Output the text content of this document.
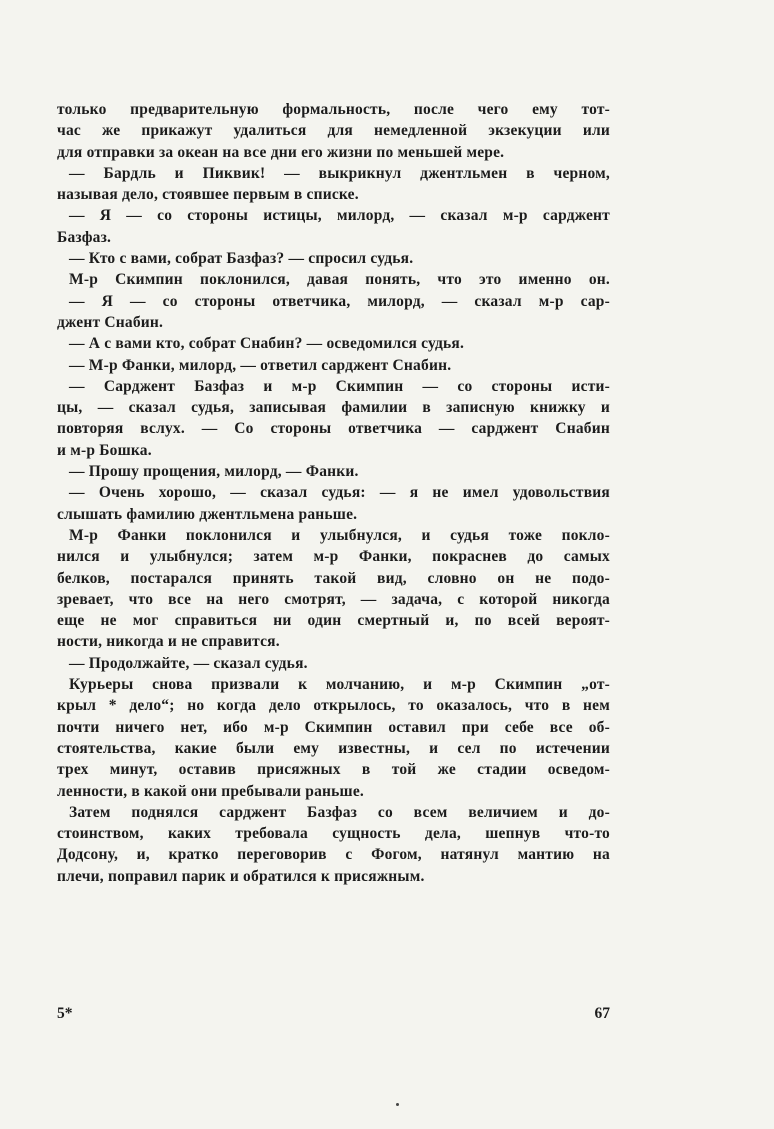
только предварительную формальность, после чего ему тот-
час же прикажут удалиться для немедленной экзекуции или
для отправки за океан на все дни его жизни по меньшей мере.
— Бардль и Пиквик! — выкрикнул джентльмен в черном,
называя дело, стоявшее первым в списке.
— Я — со стороны истицы, милорд, — сказал м-р сарджент
Базфаз.
— Кто с вами, собрат Базфаз? — спросил судья.
М-р Скимпин поклонился, давая понять, что это именно он.
— Я — со стороны ответчика, милорд, — сказал м-р сар-
джент Снабин.
— А с вами кто, собрат Снабин? — осведомился судья.
— М-р Фанки, милорд, — ответил сарджент Снабин.
— Сарджент Базфаз и м-р Скимпин — со стороны исти-
цы, — сказал судья, записывая фамилии в записную книжку и
повторяя вслух. — Со стороны ответчика — сарджент Снабин
и м-р Бошка.
— Прошу прощения, милорд, — Фанки.
— Очень хорошо, — сказал судья: — я не имел удовольствия
слышать фамилию джентльмена раньше.
М-р Фанки поклонился и улыбнулся, и судья тоже покло-
нился и улыбнулся; затем м-р Фанки, покраснев до самых
белков, постарался принять такой вид, словно он не подо-
зревает, что все на него смотрят, — задача, с которой никогда
еще не мог справиться ни один смертный и, по всей вероят-
ности, никогда и не справится.
— Продолжайте, — сказал судья.
Курьеры снова призвали к молчанию, и м-р Скимпин „от-
крыл * дело“; но когда дело открылось, то оказалось, что в нем
почти ничего нет, ибо м-р Скимпин оставил при себе все об-
стоятельства, какие были ему известны, и сел по истечении
трех минут, оставив присяжных в той же стадии осведом-
ленности, в какой они пребывали раньше.
Затем поднялся сарджент Базфаз со всем величием и до-
стоинством, каких требовала сущность дела, шепнув что-то
Додсону, и, кратко переговорив с Фогом, натянул мантию на
плечи, поправил парик и обратился к присяжным.
5*	67
